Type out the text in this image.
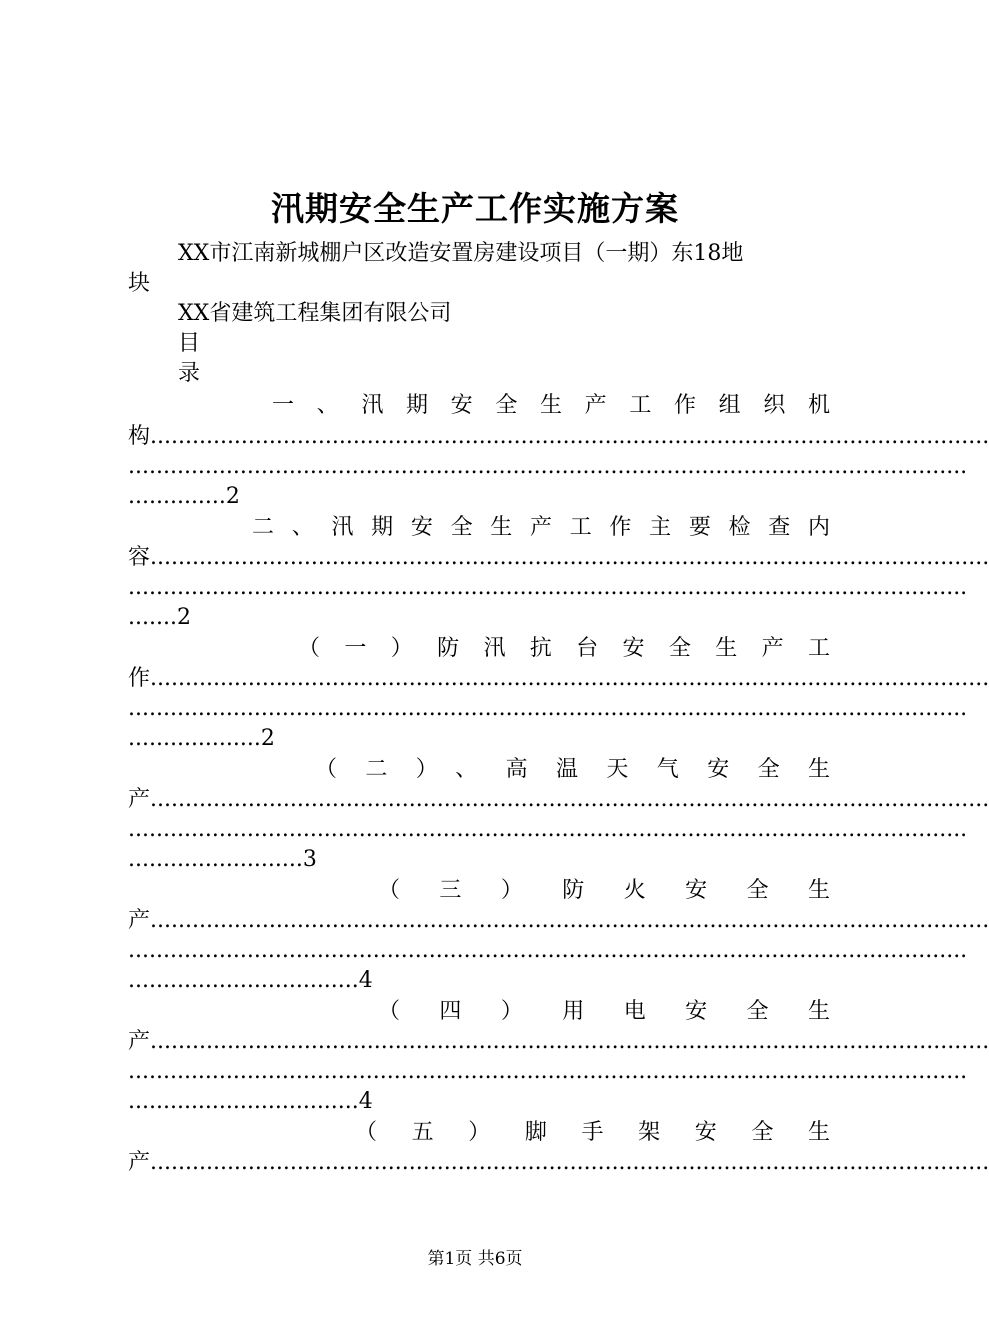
汛期安全生产工作实施方案
XX市江南新城棚户区改造安置房建设项目（一期）东18地
块
XX省建筑工程集团有限公司
目
录
一、汛期安全生产工作组织机
构........................................................................................................................
........................................................................................................................
..............2
二、汛期安全生产工作主要检查内
容........................................................................................................................
........................................................................................................................
.......2
（一）防汛抗台安全生产工
作........................................................................................................................
........................................................................................................................
...................2
（二）、高温天气安全生
产........................................................................................................................
........................................................................................................................
.........................3
（三）防火安全生
产........................................................................................................................
........................................................................................................................
.................................4
（四）用电安全生
产........................................................................................................................
........................................................................................................................
.................................4
（五）脚手架安全生
产........................................................................................................................
第1页 共6页
